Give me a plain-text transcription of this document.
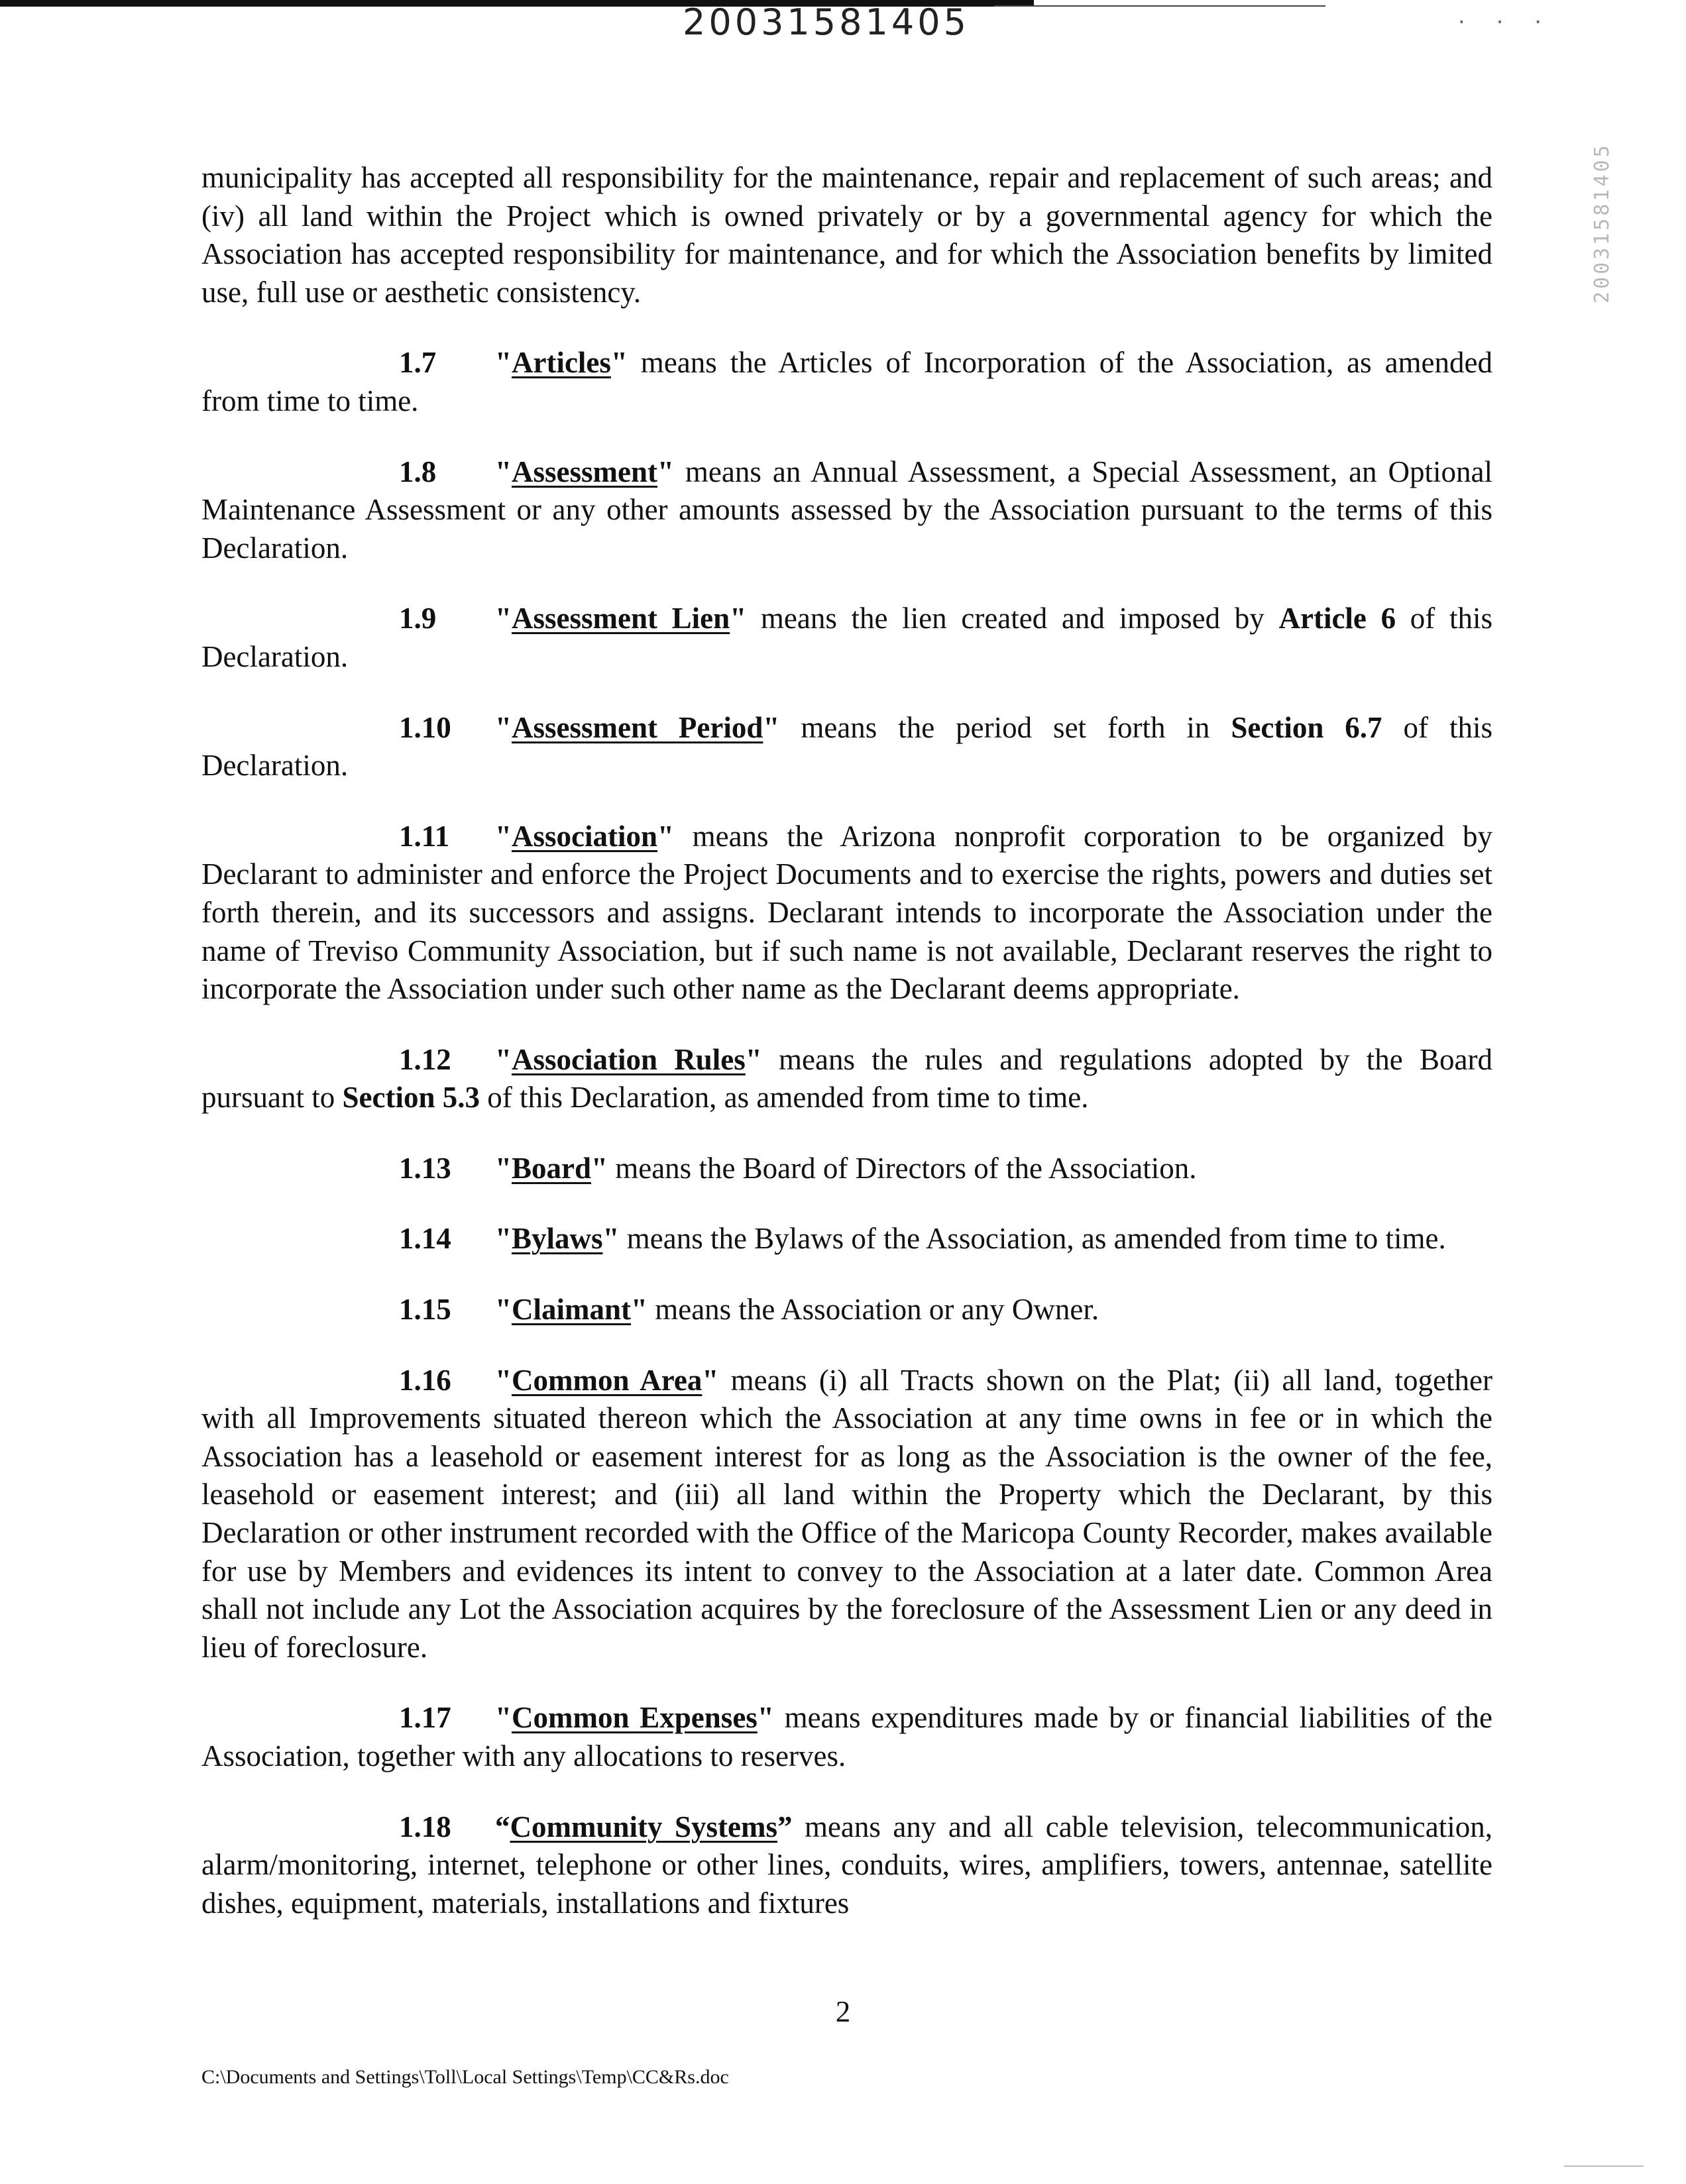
. . .
20031581405
20031581405

municipality has accepted all responsibility for the maintenance, repair and replacement of such areas; and (iv) all land within the Project which is owned privately or by a governmental agency for which the Association has accepted responsibility for maintenance, and for which the Association benefits by limited use, full use or aesthetic consistency.

1.7 "Articles" means the Articles of Incorporation of the Association, as amended from time to time.

1.8 "Assessment" means an Annual Assessment, a Special Assessment, an Optional Maintenance Assessment or any other amounts assessed by the Association pursuant to the terms of this Declaration.

1.9 "Assessment Lien" means the lien created and imposed by Article 6 of this Declaration.

1.10 "Assessment Period" means the period set forth in Section 6.7 of this Declaration.

1.11 "Association" means the Arizona nonprofit corporation to be organized by Declarant to administer and enforce the Project Documents and to exercise the rights, powers and duties set forth therein, and its successors and assigns. Declarant intends to incorporate the Association under the name of Treviso Community Association, but if such name is not available, Declarant reserves the right to incorporate the Association under such other name as the Declarant deems appropriate.

1.12 "Association Rules" means the rules and regulations adopted by the Board pursuant to Section 5.3 of this Declaration, as amended from time to time.

1.13 "Board" means the Board of Directors of the Association.

1.14 "Bylaws" means the Bylaws of the Association, as amended from time to time.

1.15 "Claimant" means the Association or any Owner.

1.16 "Common Area" means (i) all Tracts shown on the Plat; (ii) all land, together with all Improvements situated thereon which the Association at any time owns in fee or in which the Association has a leasehold or easement interest for as long as the Association is the owner of the fee, leasehold or easement interest; and (iii) all land within the Property which the Declarant, by this Declaration or other instrument recorded with the Office of the Maricopa County Recorder, makes available for use by Members and evidences its intent to convey to the Association at a later date. Common Area shall not include any Lot the Association acquires by the foreclosure of the Assessment Lien or any deed in lieu of foreclosure.

1.17 "Common Expenses" means expenditures made by or financial liabilities of the Association, together with any allocations to reserves.

1.18 “Community Systems” means any and all cable television, telecommunication, alarm/monitoring, internet, telephone or other lines, conduits, wires, amplifiers, towers, antennae, satellite dishes, equipment, materials, installations and fixtures

2
C:\Documents and Settings\Toll\Local Settings\Temp\CC&Rs.doc
